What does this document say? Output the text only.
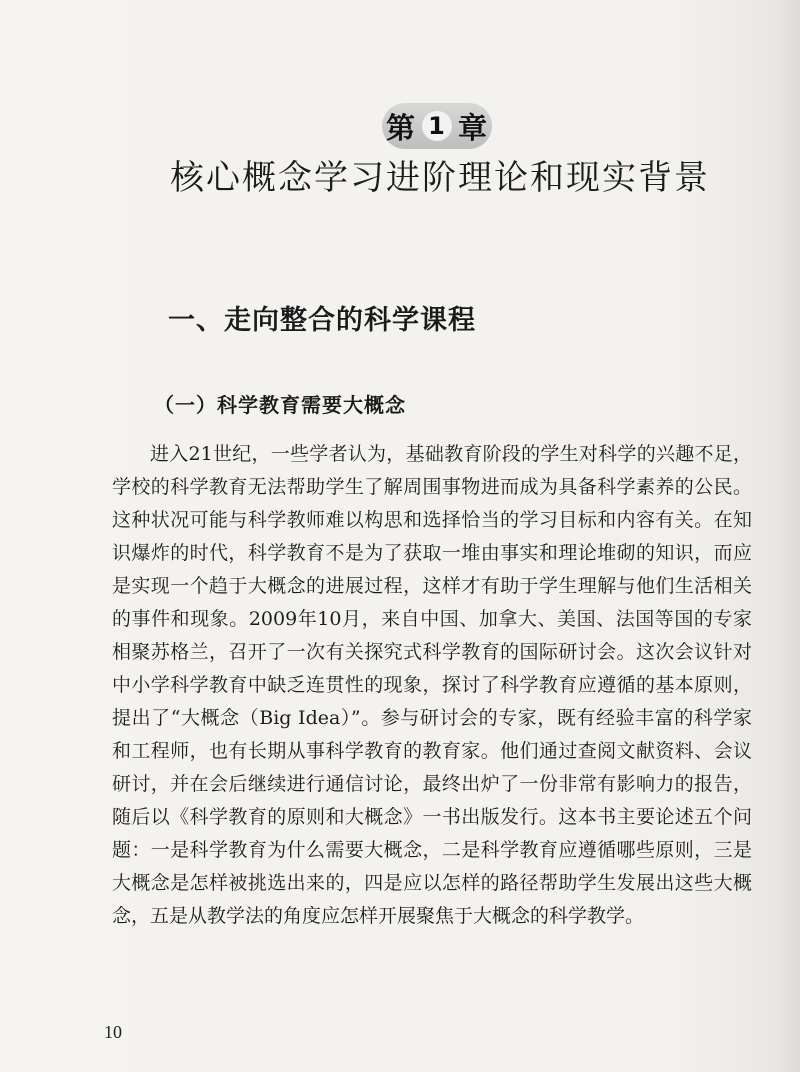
第 1 章
核心概念学习进阶理论和现实背景
一、走向整合的科学课程
（一）科学教育需要大概念

进入21世纪，一些学者认为，基础教育阶段的学生对科学的兴趣不足，学校的科学教育无法帮助学生了解周围事物进而成为具备科学素养的公民。这种状况可能与科学教师难以构思和选择恰当的学习目标和内容有关。在知识爆炸的时代，科学教育不是为了获取一堆由事实和理论堆砌的知识，而应是实现一个趋于大概念的进展过程，这样才有助于学生理解与他们生活相关的事件和现象。2009年10月，来自中国、加拿大、美国、法国等国的专家相聚苏格兰，召开了一次有关探究式科学教育的国际研讨会。这次会议针对中小学科学教育中缺乏连贯性的现象，探讨了科学教育应遵循的基本原则，提出了“大概念（Big Idea）”。参与研讨会的专家，既有经验丰富的科学家和工程师，也有长期从事科学教育的教育家。他们通过查阅文献资料、会议研讨，并在会后继续进行通信讨论，最终出炉了一份非常有影响力的报告，随后以《科学教育的原则和大概念》一书出版发行。这本书主要论述五个问题：一是科学教育为什么需要大概念，二是科学教育应遵循哪些原则，三是大概念是怎样被挑选出来的，四是应以怎样的路径帮助学生发展出这些大概念，五是从教学法的角度应怎样开展聚焦于大概念的科学教学。

10
